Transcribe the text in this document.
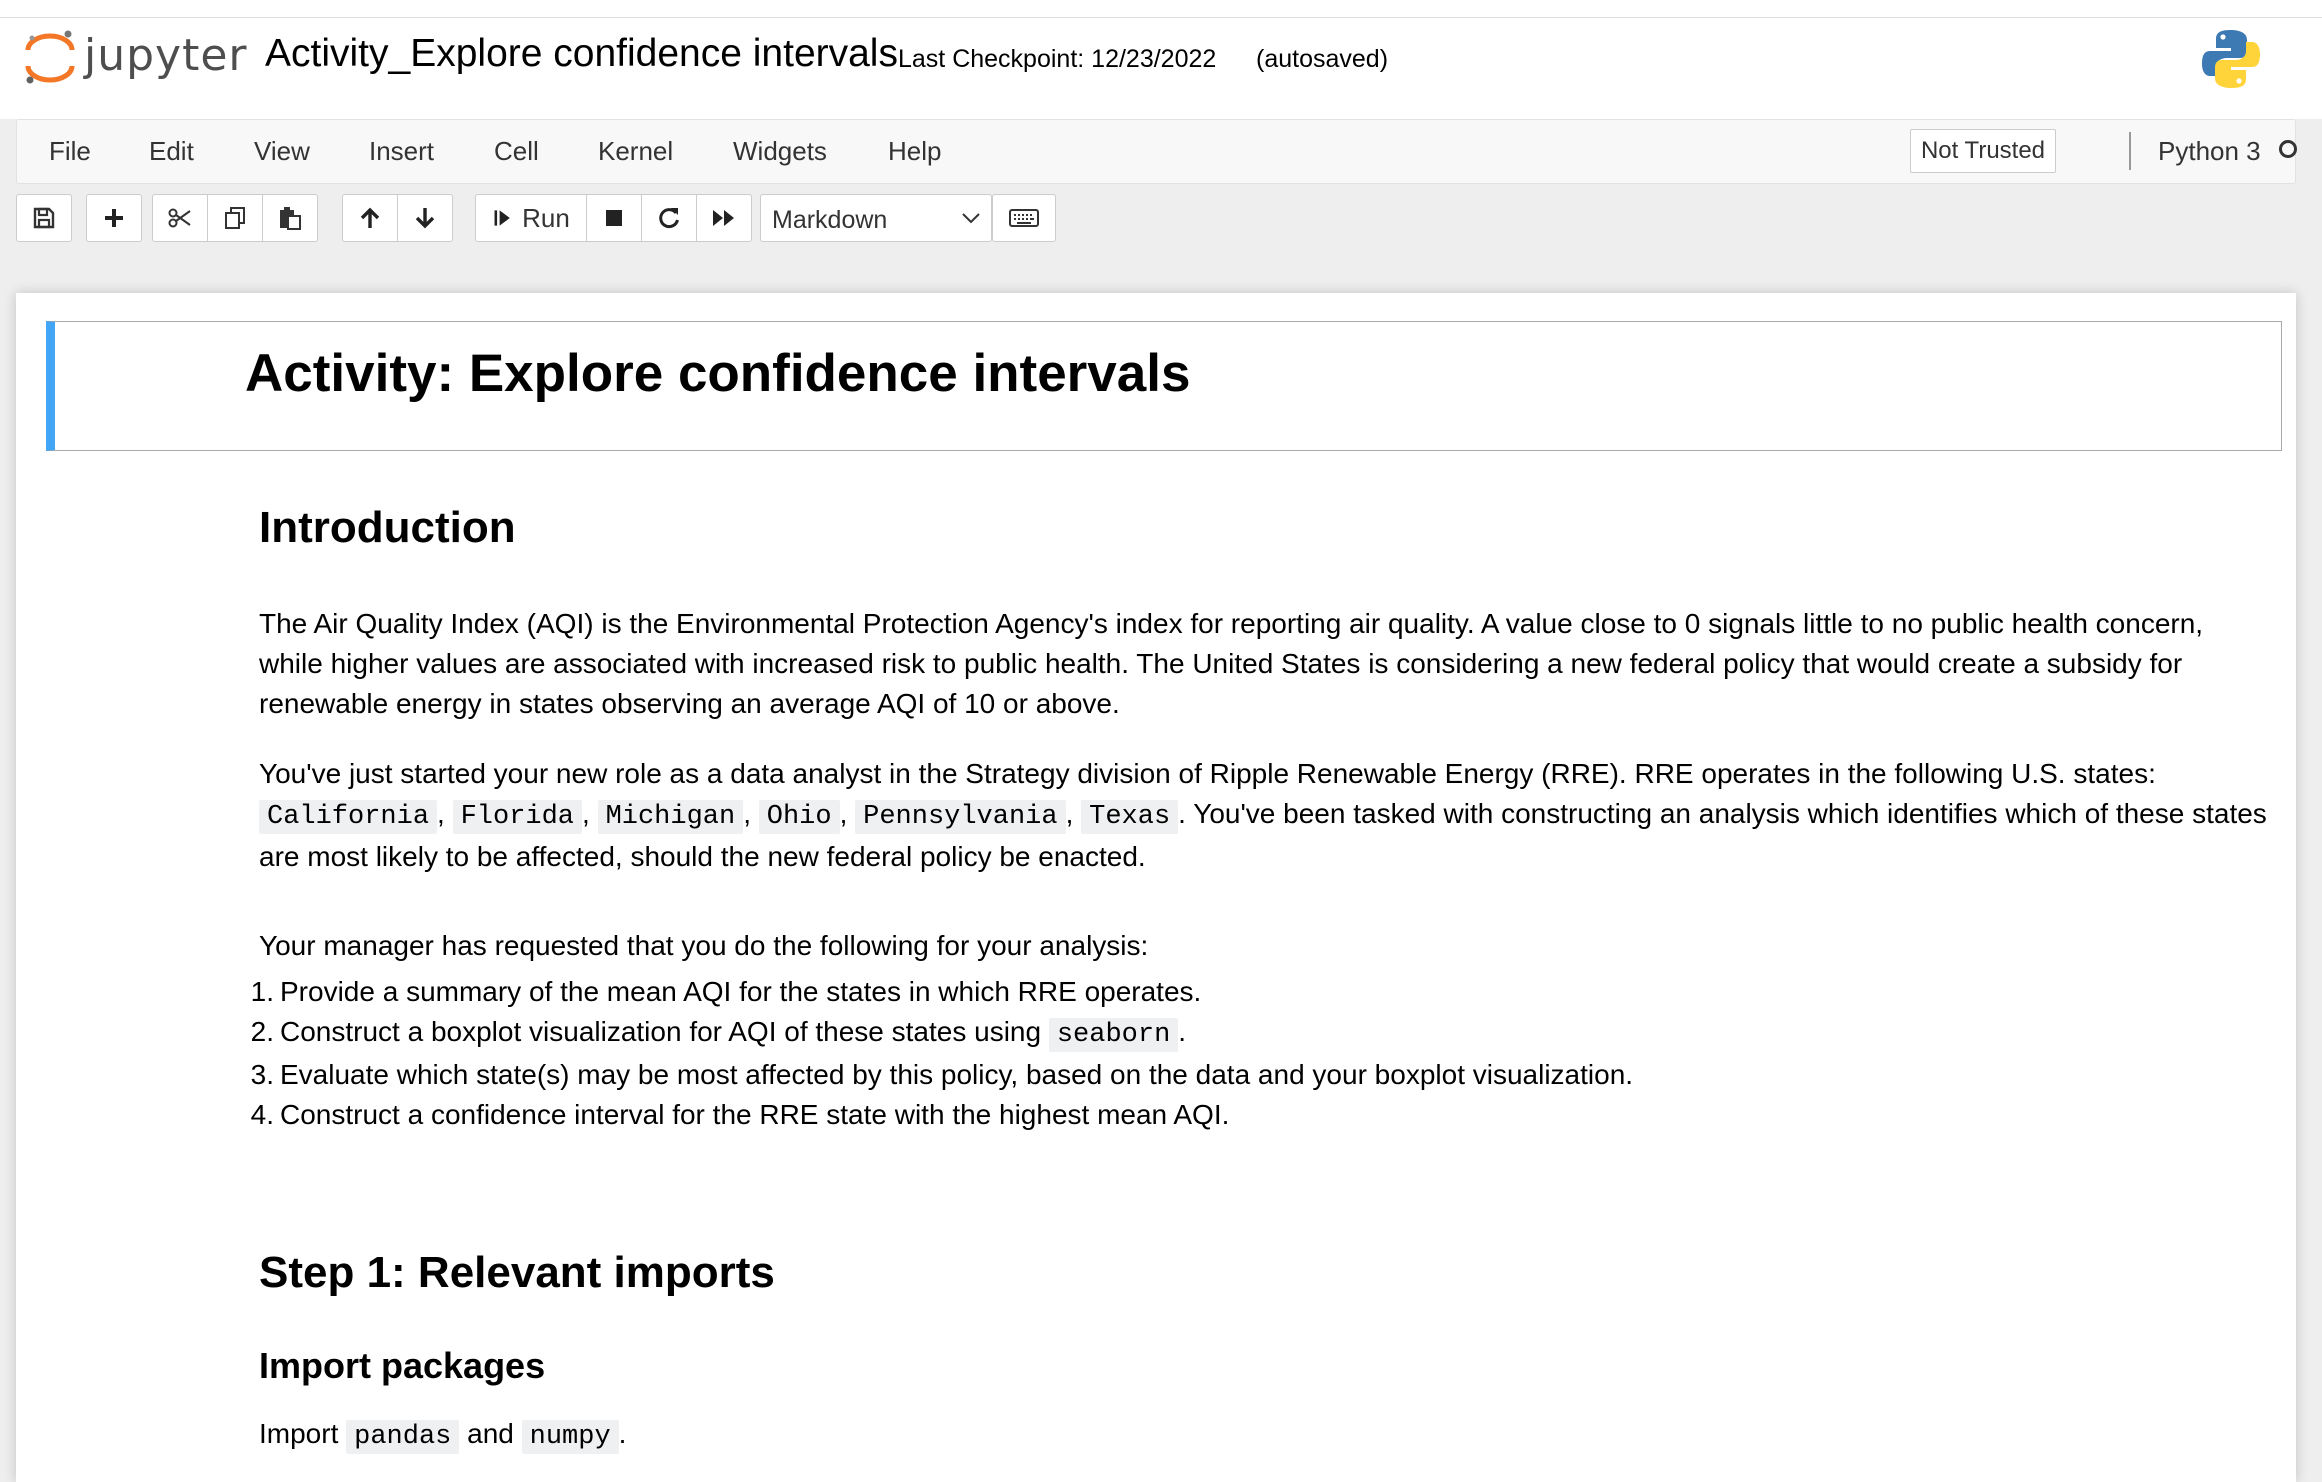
jupyter Activity_Explore confidence intervals Last Checkpoint: 12/23/2022 (autosaved)
File Edit View Insert Cell Kernel Widgets Help	Not Trusted	Python 3
Run	Markdown
Activity: Explore confidence intervals
Introduction

The Air Quality Index (AQI) is the Environmental Protection Agency's index for reporting air quality. A value close to 0 signals little to no public health concern, while higher values are associated with increased risk to public health. The United States is considering a new federal policy that would create a subsidy for renewable energy in states observing an average AQI of 10 or above.

You've just started your new role as a data analyst in the Strategy division of Ripple Renewable Energy (RRE). RRE operates in the following U.S. states:
California , Florida , Michigan , Ohio , Pennsylvania , Texas . You've been tasked with constructing an analysis which identifies which of these states are most likely to be affected, should the new federal policy be enacted.

Your manager has requested that you do the following for your analysis:

1. Provide a summary of the mean AQI for the states in which RRE operates.
2. Construct a boxplot visualization for AQI of these states using seaborn .
3. Evaluate which state(s) may be most affected by this policy, based on the data and your boxplot visualization.
4. Construct a confidence interval for the RRE state with the highest mean AQI.
Step 1: Relevant imports
Import packages

Import pandas and numpy .
